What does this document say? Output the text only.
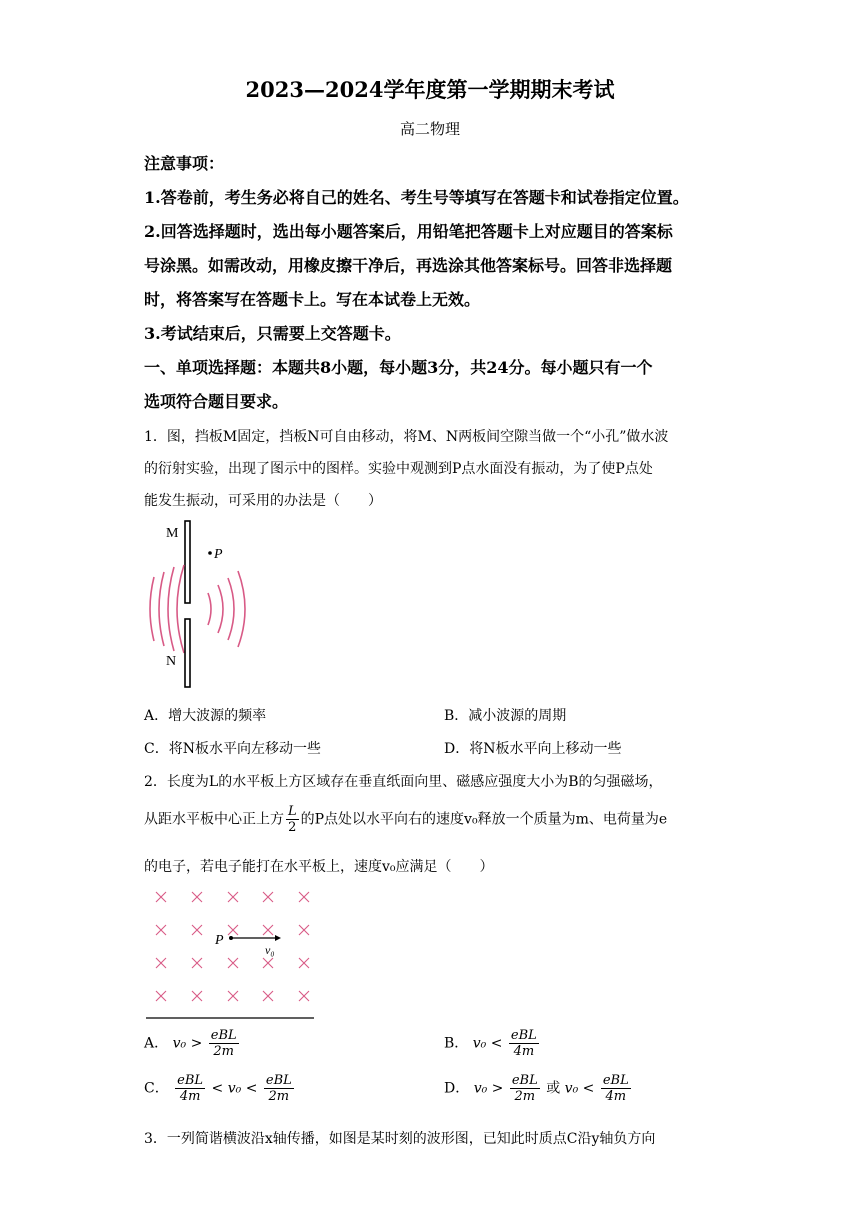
2023—2024学年度第一学期期末考试
高二物理
注意事项：
1.答卷前，考生务必将自己的姓名、考生号等填写在答题卡和试卷指定位置。
2.回答选择题时，选出每小题答案后，用铅笔把答题卡上对应题目的答案标
号涂黑。如需改动，用橡皮擦干净后，再选涂其他答案标号。回答非选择题
时，将答案写在答题卡上。写在本试卷上无效。
3.考试结束后，只需要上交答题卡。
一、单项选择题：本题共8小题，每小题3分，共24分。每小题只有一个
选项符合题目要求。
1．图，挡板M固定，挡板N可自由移动，将M、N两板间空隙当做一个“小孔”做水波
的衍射实验，出现了图示中的图样。实验中观测到P点水面没有振动，为了使P点处
能发生振动，可采用的办法是（　　）
M
P
N
A．增大波源的频率	B．减小波源的周期
C．将N板水平向左移动一些	D．将N板水平向上移动一些
2．长度为L的水平板上方区域存在垂直纸面向里、磁感应强度大小为B的匀强磁场，
从距水平板中心正上方 $\frac{L}{2}$ 的P点处以水平向右的速度v₀释放一个质量为m、电荷量为e
的电子，若电子能打在水平板上，速度v₀应满足（　　）
P
v₀
A． $v_0 > \frac{\text{eBL}}{2m}$	B． $v_0 < \frac{\text{eBL}}{4m}$
C． $\frac{\text{eBL}}{4m} < v_0 < \frac{\text{eBL}}{2m}$	D． $v_0 > \frac{\text{eBL}}{2m}$ 或 $v_0 < \frac{\text{eBL}}{4m}$
3．一列简谐横波沿x轴传播，如图是某时刻的波形图，已知此时质点C沿y轴负方向
